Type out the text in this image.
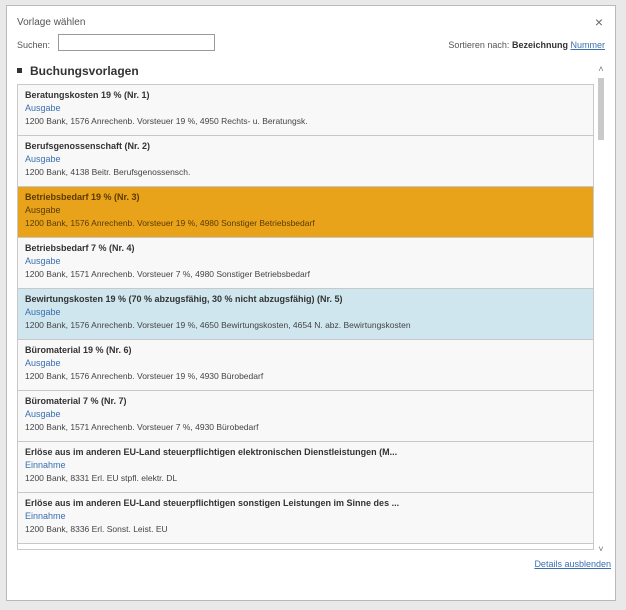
Vorlage wählen	×
Suchen:	Sortieren nach: Bezeichnung Nummer
Buchungsvorlagen
Beratungskosten 19 % (Nr. 1)
Ausgabe
1200 Bank, 1576 Anrechenb. Vorsteuer 19 %, 4950 Rechts- u. Beratungsk.
Berufsgenossenschaft (Nr. 2)
Ausgabe
1200 Bank, 4138 Beitr. Berufsgenossensch.
Betriebsbedarf 19 % (Nr. 3)
Ausgabe
1200 Bank, 1576 Anrechenb. Vorsteuer 19 %, 4980 Sonstiger Betriebsbedarf
Betriebsbedarf 7 % (Nr. 4)
Ausgabe
1200 Bank, 1571 Anrechenb. Vorsteuer 7 %, 4980 Sonstiger Betriebsbedarf
Bewirtungskosten 19 % (70 % abzugsfähig, 30 % nicht abzugsfähig) (Nr. 5)
Ausgabe
1200 Bank, 1576 Anrechenb. Vorsteuer 19 %, 4650 Bewirtungskosten, 4654 N. abz. Bewirtungskosten
Büromaterial 19 % (Nr. 6)
Ausgabe
1200 Bank, 1576 Anrechenb. Vorsteuer 19 %, 4930 Bürobedarf
Büromaterial 7 % (Nr. 7)
Ausgabe
1200 Bank, 1571 Anrechenb. Vorsteuer 7 %, 4930 Bürobedarf
Erlöse aus im anderen EU-Land steuerpflichtigen elektronischen Dienstleistungen (M...
Einnahme
1200 Bank, 8331 Erl. EU stpfl. elektr. DL
Erlöse aus im anderen EU-Land steuerpflichtigen sonstigen Leistungen im Sinne des ...
Einnahme
1200 Bank, 8336 Erl. Sonst. Leist. EU
˄
˅
Details ausblenden
